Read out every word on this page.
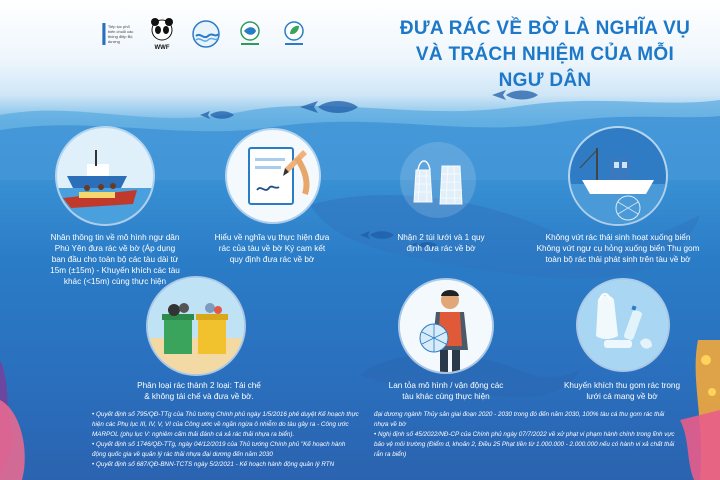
Tiếp tục phổ biến chuỗi các thông điệp Bộ dương
WWF
ĐƯA RÁC VỀ BỜ LÀ NGHĨA VỤ
VÀ TRÁCH NHIỆM CỦA MỖI NGƯ DÂN
Nhân thông tin về mô hình ngư dân Phú Yên đưa rác về bờ (Áp dụng ban đầu cho toàn bộ các tàu dài từ 15m (±15m) - Khuyến khích các tàu khác (<15m) cùng thực hiện
Hiểu về nghĩa vụ thực hiện đưa rác của tàu về bờ Ký cam kết quy định đưa rác về bờ
Nhận 2 túi lưới và 1 quy định đưa rác về bờ
Không vứt rác thải sinh hoạt xuống biển Không vứt ngư cụ hỏng xuống biển Thu gom toàn bộ rác thải phát sinh trên tàu về bờ
Phân loại rác thành 2 loại: Tái chế & không tái chế và đưa về bờ.
Lan tỏa mô hình / vận động các tàu khác cùng thực hiện
Khuyến khích thu gom rác trong lưới cá mang về bờ

• Quyết định số 795/QĐ-TTg của Thủ tướng Chính phủ ngày 1/5/2016 phê duyệt Kế hoạch thực hiện các Phụ lục III, IV, V, VI của Công ước về ngăn ngừa ô nhiễm do tàu gây ra - Công ước MARPOL (phụ lục V: nghiêm cấm thải đánh cá xả rác thải nhựa ra biển).

• Quyết định số 1746/QĐ-TTg, ngày 04/12/2019 của Thủ tướng Chính phủ "Kế hoạch hành động quốc gia về quản lý rác thải nhựa đại dương đến năm 2030

• Quyết định số 687/QĐ-BNN-TCTS ngày 5/2/2021 - Kế hoạch hành động quản lý RTN

đại dương ngành Thủy sản giai đoạn 2020 - 2030 trong đó đến năm 2030, 100% tàu cá thu gom rác thải nhựa về bờ

• Nghị định số 45/2022/NĐ-CP của Chính phủ ngày 07/7/2022 về xử phạt vi phạm hành chính trong lĩnh vực bảo vệ môi trường (Điểm d, khoản 2, Điều 25 Phạt tiền từ 1.000.000 - 2.000.000 nếu có hành vi xả chất thải rắn ra biển)
